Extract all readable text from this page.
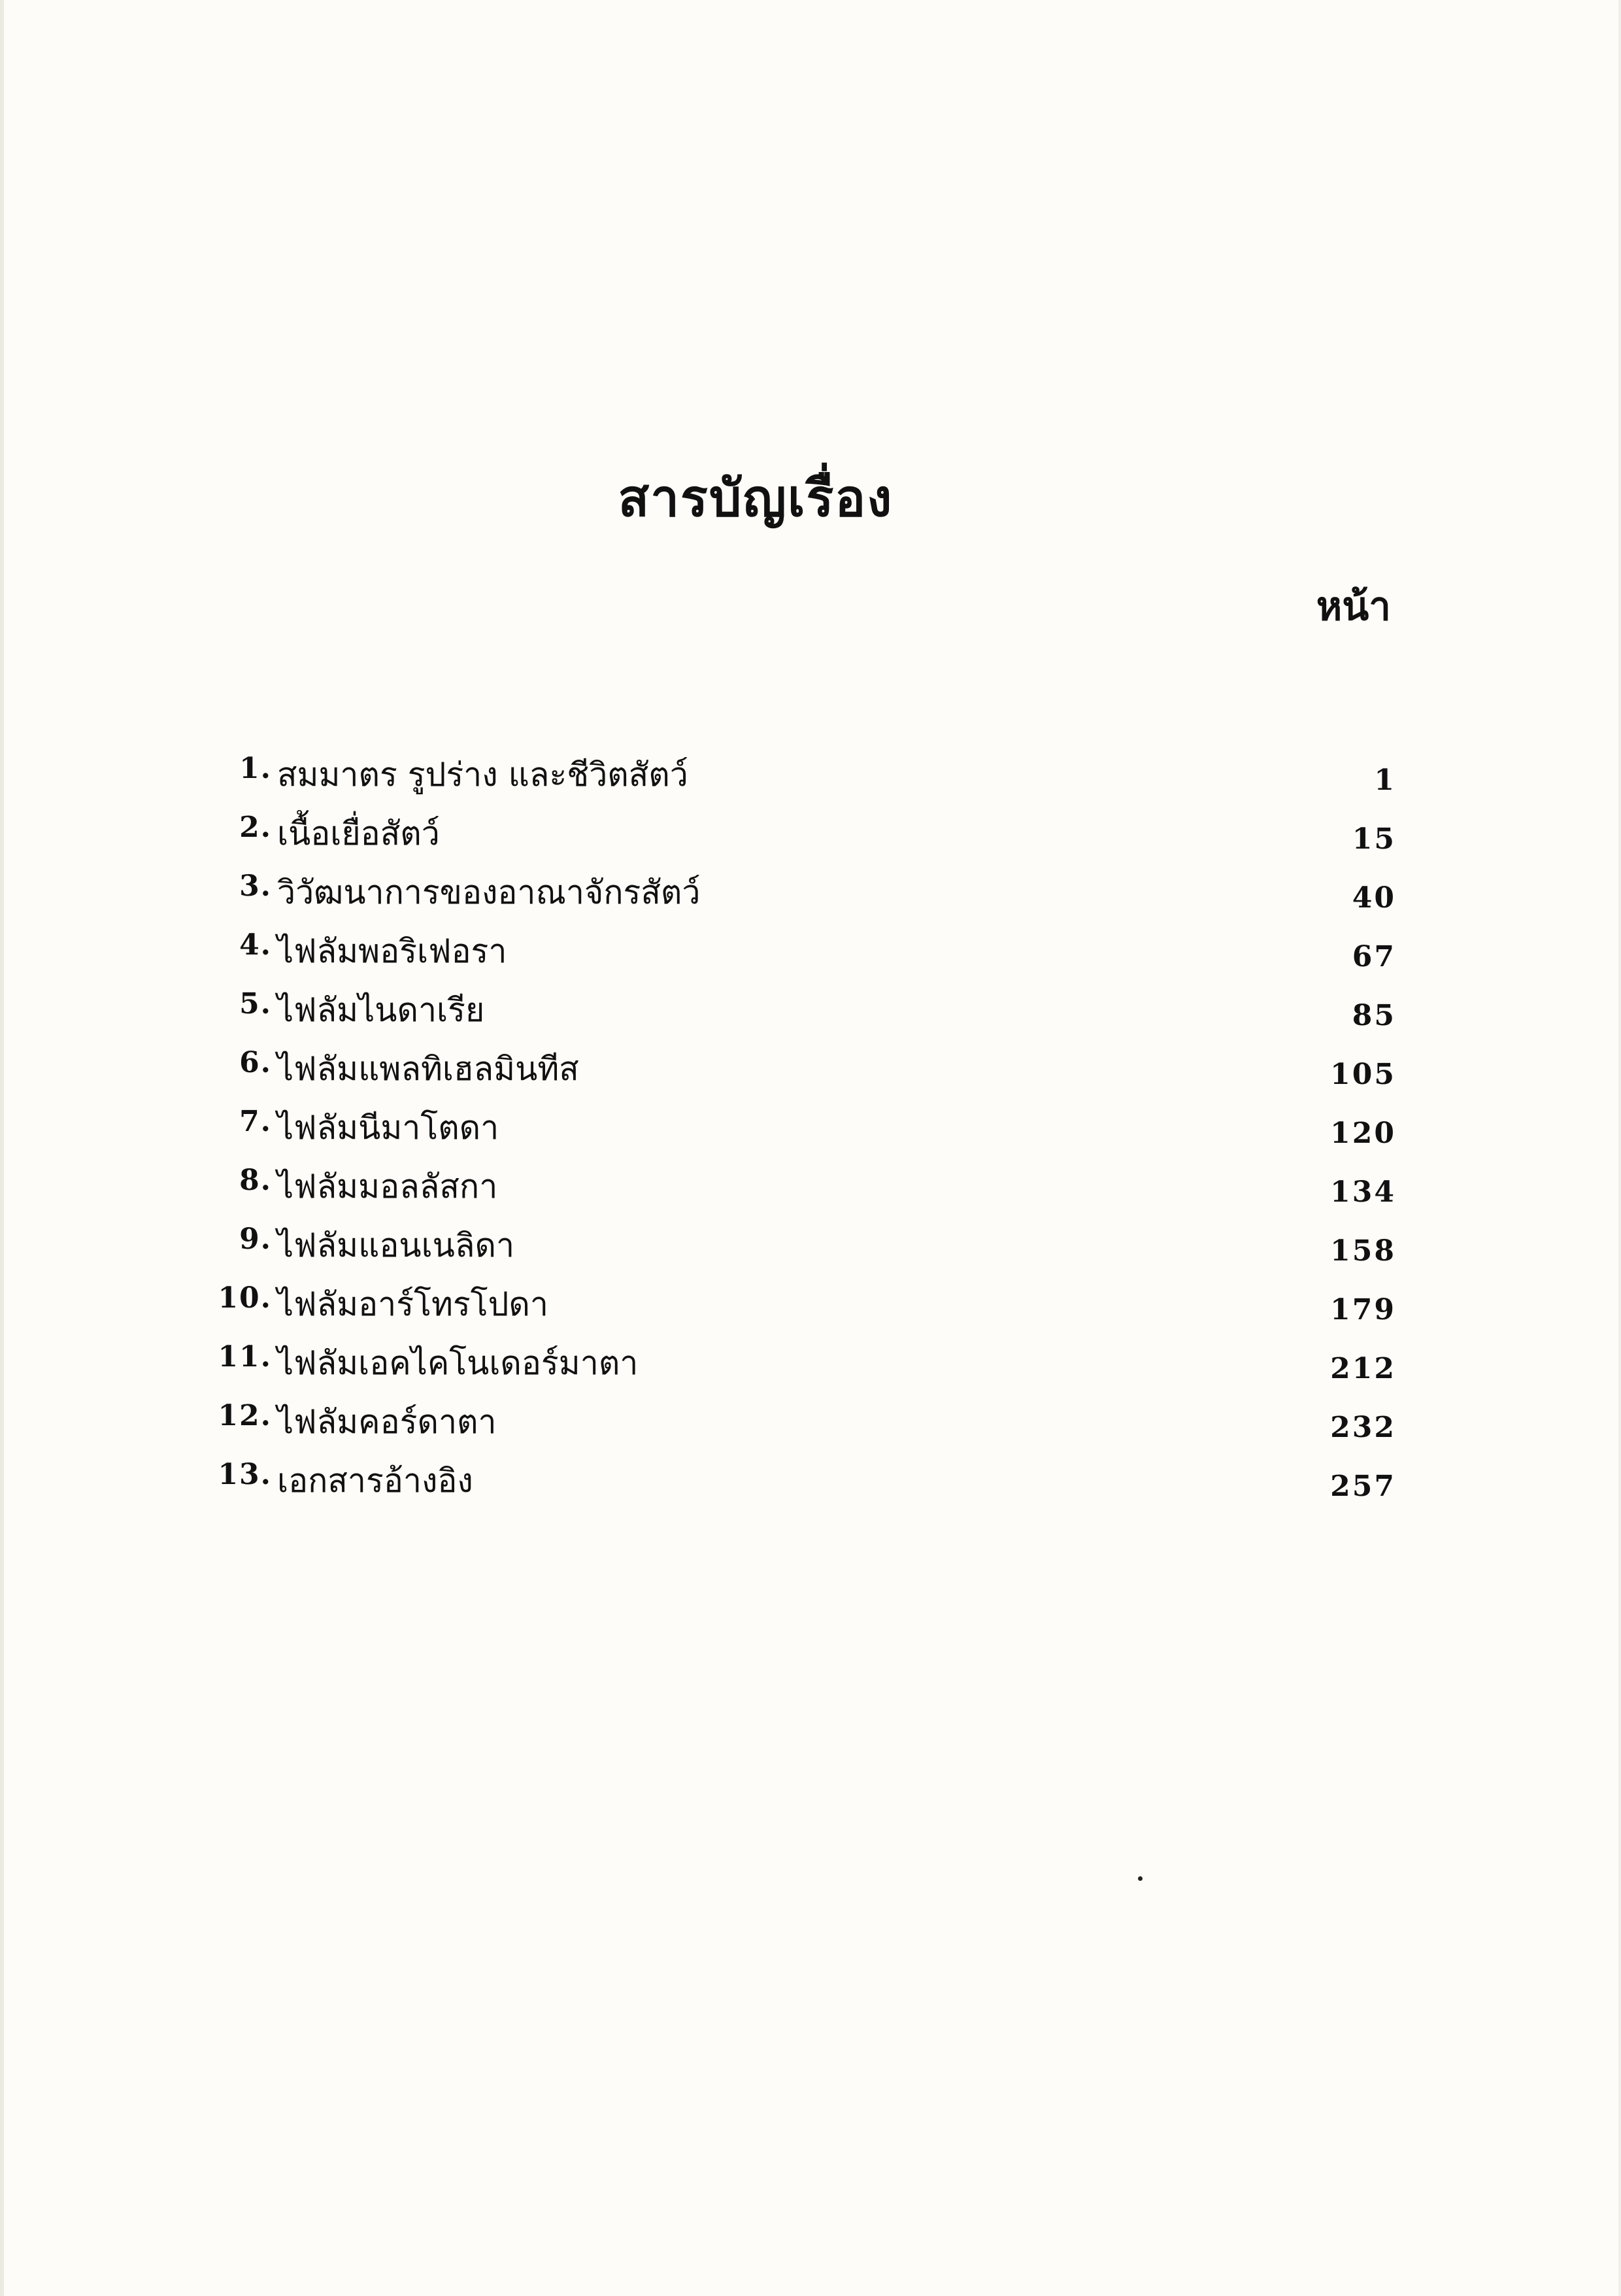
สารบัญเรื่อง
หน้า
1. สมมาตร รูปร่าง และชีวิตสัตว์	1
2. เนื้อเยื่อสัตว์	15
3. วิวัฒนาการของอาณาจักรสัตว์	40
4. ไฟลัมพอริเฟอรา	67
5. ไฟลัมไนดาเรีย	85
6. ไฟลัมแพลทิเฮลมินทีส	105
7. ไฟลัมนีมาโตดา	120
8. ไฟลัมมอลลัสกา	134
9. ไฟลัมแอนเนลิดา	158
10. ไฟลัมอาร์โทรโปดา	179
11. ไฟลัมเอคไคโนเดอร์มาตา	212
12. ไฟลัมคอร์ดาตา	232
13. เอกสารอ้างอิง	257
